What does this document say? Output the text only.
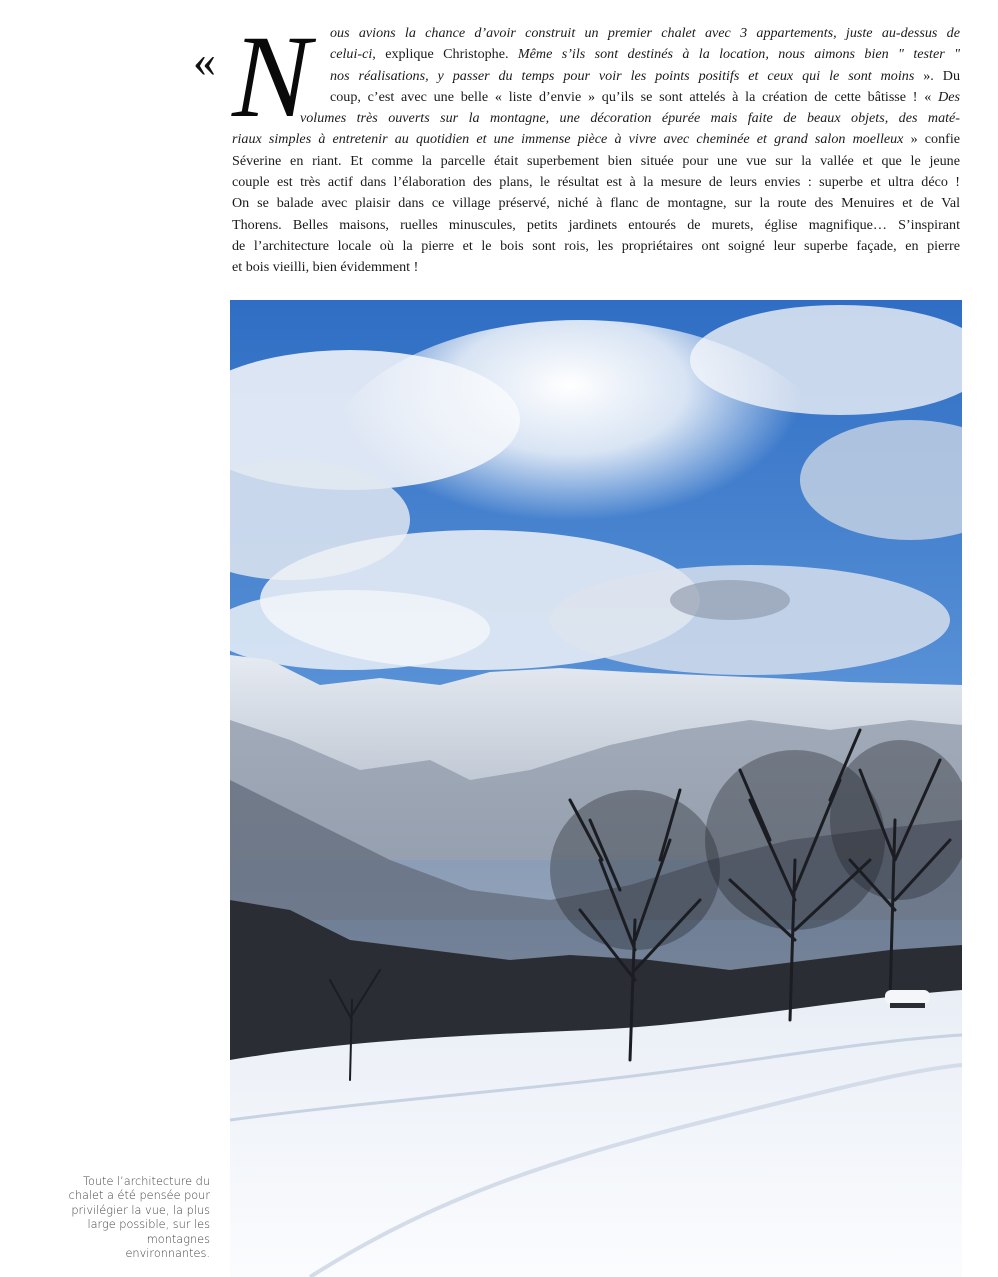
« N	ous avions la chance d’avoir construit un premier chalet avec 3 appartements, juste au-dessus de
celui-ci, explique Christophe. Même s’ils sont destinés à la location, nous aimons bien " tester "
nos réalisations, y passer du temps pour voir les points positifs et ceux qui le sont moins ». Du
coup, c’est avec une belle « liste d’envie » qu’ils se sont attelés à la création de cette bâtisse ! « Des
volumes très ouverts sur la montagne, une décoration épurée mais faite de beaux objets, des maté-
riaux simples à entretenir au quotidien et une immense pièce à vivre avec cheminée et grand salon moelleux » confie
Séverine en riant. Et comme la parcelle était superbement bien située pour une vue sur la vallée et que le jeune
couple est très actif dans l’élaboration des plans, le résultat est à la mesure de leurs envies : superbe et ultra déco !
On se balade avec plaisir dans ce village préservé, niché à flanc de montagne, sur la route des Menuires et de Val
Thorens. Belles maisons, ruelles minuscules, petits jardinets entourés de murets, église magnifique… S’inspirant
de l’architecture locale où la pierre et le bois sont rois, les propriétaires ont soigné leur superbe façade, en pierre
et bois vieilli, bien évidemment !
Toute l’architecture du chalet a été pensée pour privilégier la vue, la plus large possible, sur les montagnes environnantes.
